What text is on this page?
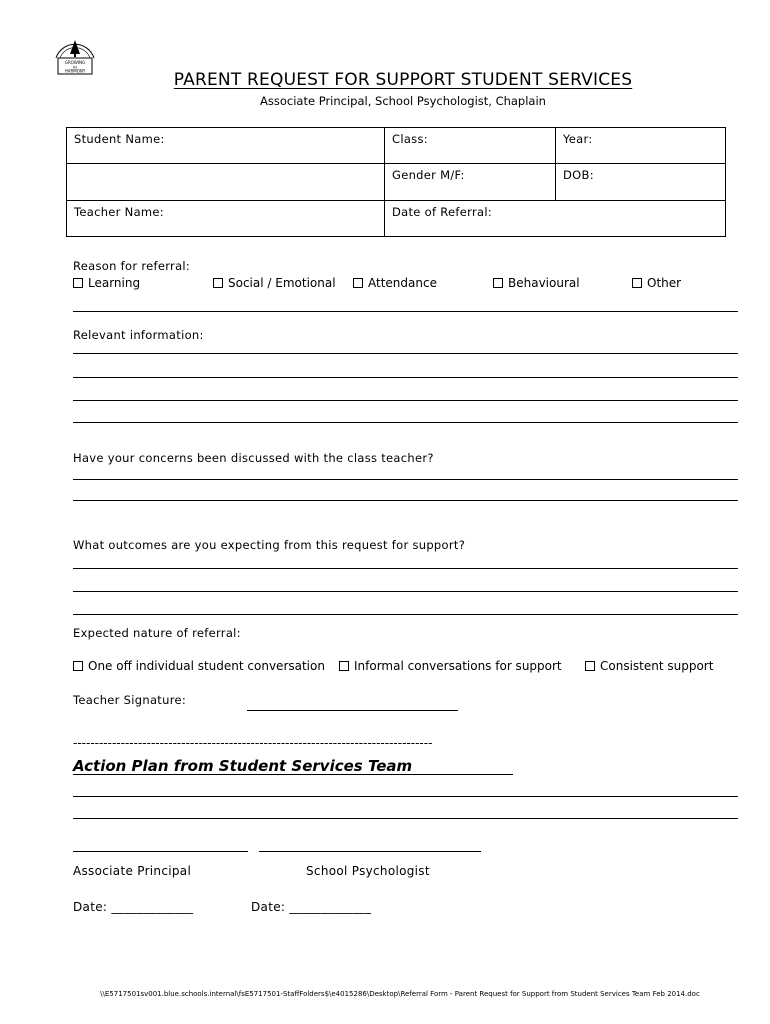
GROWING
IN
HARMONY	PARENT REQUEST FOR SUPPORT STUDENT SERVICES
Associate Principal, School Psychologist, Chaplain
Student Name:	Class:	Year:
	Gender M/F:	DOB:
Teacher Name:	Date of Referral:	
Reason for referral:
Learning	Social / Emotional	Attendance	Behavioural	Other
Relevant information:
Have your concerns been discussed with the class teacher?
What outcomes are you expecting from this request for support?
Expected nature of referral:
One off individual student conversation	Informal conversations for support	Consistent support
Teacher Signature:
-----------------------------------------------------------------------------------
Action Plan from Student Services Team
Associate Principal	School Psychologist
Date: _____________	Date: _____________
\\E5717501sv001.blue.schools.internal\fsE5717501-StaffFolders$\e4015286\Desktop\Referral Form - Parent Request for Support from Student Services Team Feb 2014.doc
